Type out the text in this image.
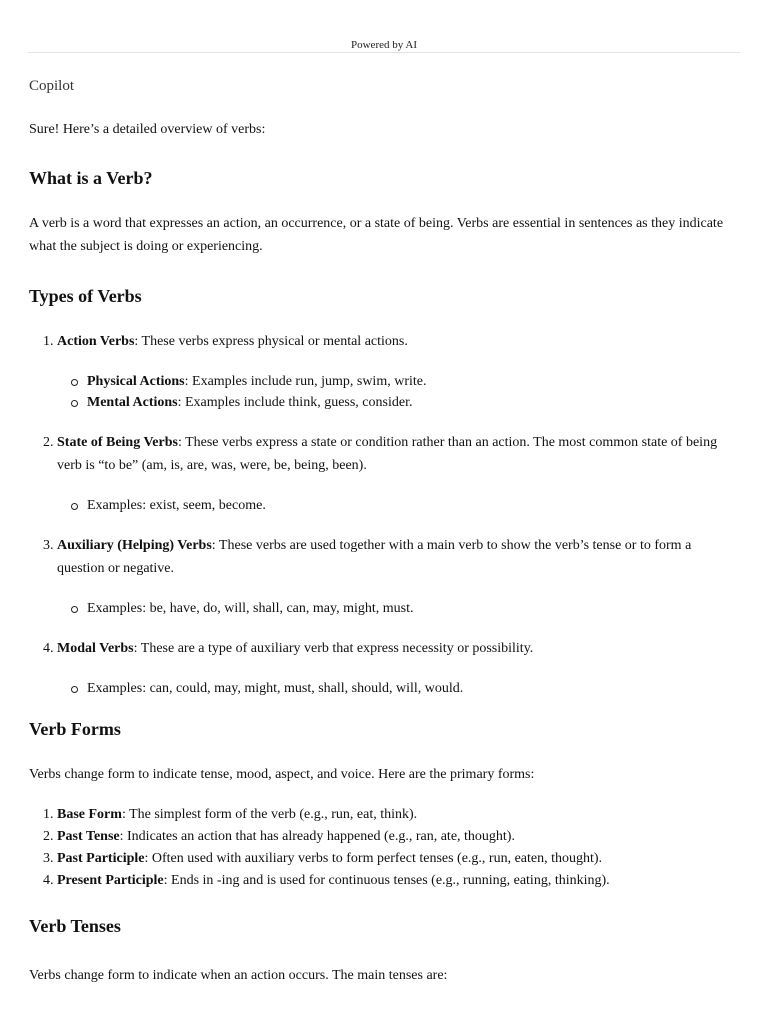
Powered by AI
Copilot

Sure! Here’s a detailed overview of verbs:

What is a Verb?

A verb is a word that expresses an action, an occurrence, or a state of being. Verbs are essential in sentences as they indicate what the subject is doing or experiencing.

Types of Verbs
1. Action Verbs: These verbs express physical or mental actions.
Physical Actions: Examples include run, jump, swim, write.
Mental Actions: Examples include think, guess, consider.
2. State of Being Verbs: These verbs express a state or condition rather than an action. The most common state of being verb is “to be” (am, is, are, was, were, be, being, been).
Examples: exist, seem, become.
3. Auxiliary (Helping) Verbs: These verbs are used together with a main verb to show the verb’s tense or to form a question or negative.
Examples: be, have, do, will, shall, can, may, might, must.
4. Modal Verbs: These are a type of auxiliary verb that express necessity or possibility.
Examples: can, could, may, might, must, shall, should, will, would.
Verb Forms

Verbs change form to indicate tense, mood, aspect, and voice. Here are the primary forms:

1. Base Form: The simplest form of the verb (e.g., run, eat, think).
2. Past Tense: Indicates an action that has already happened (e.g., ran, ate, thought).
3. Past Participle: Often used with auxiliary verbs to form perfect tenses (e.g., run, eaten, thought).
4. Present Participle: Ends in -ing and is used for continuous tenses (e.g., running, eating, thinking).
Verb Tenses

Verbs change form to indicate when an action occurs. The main tenses are:
